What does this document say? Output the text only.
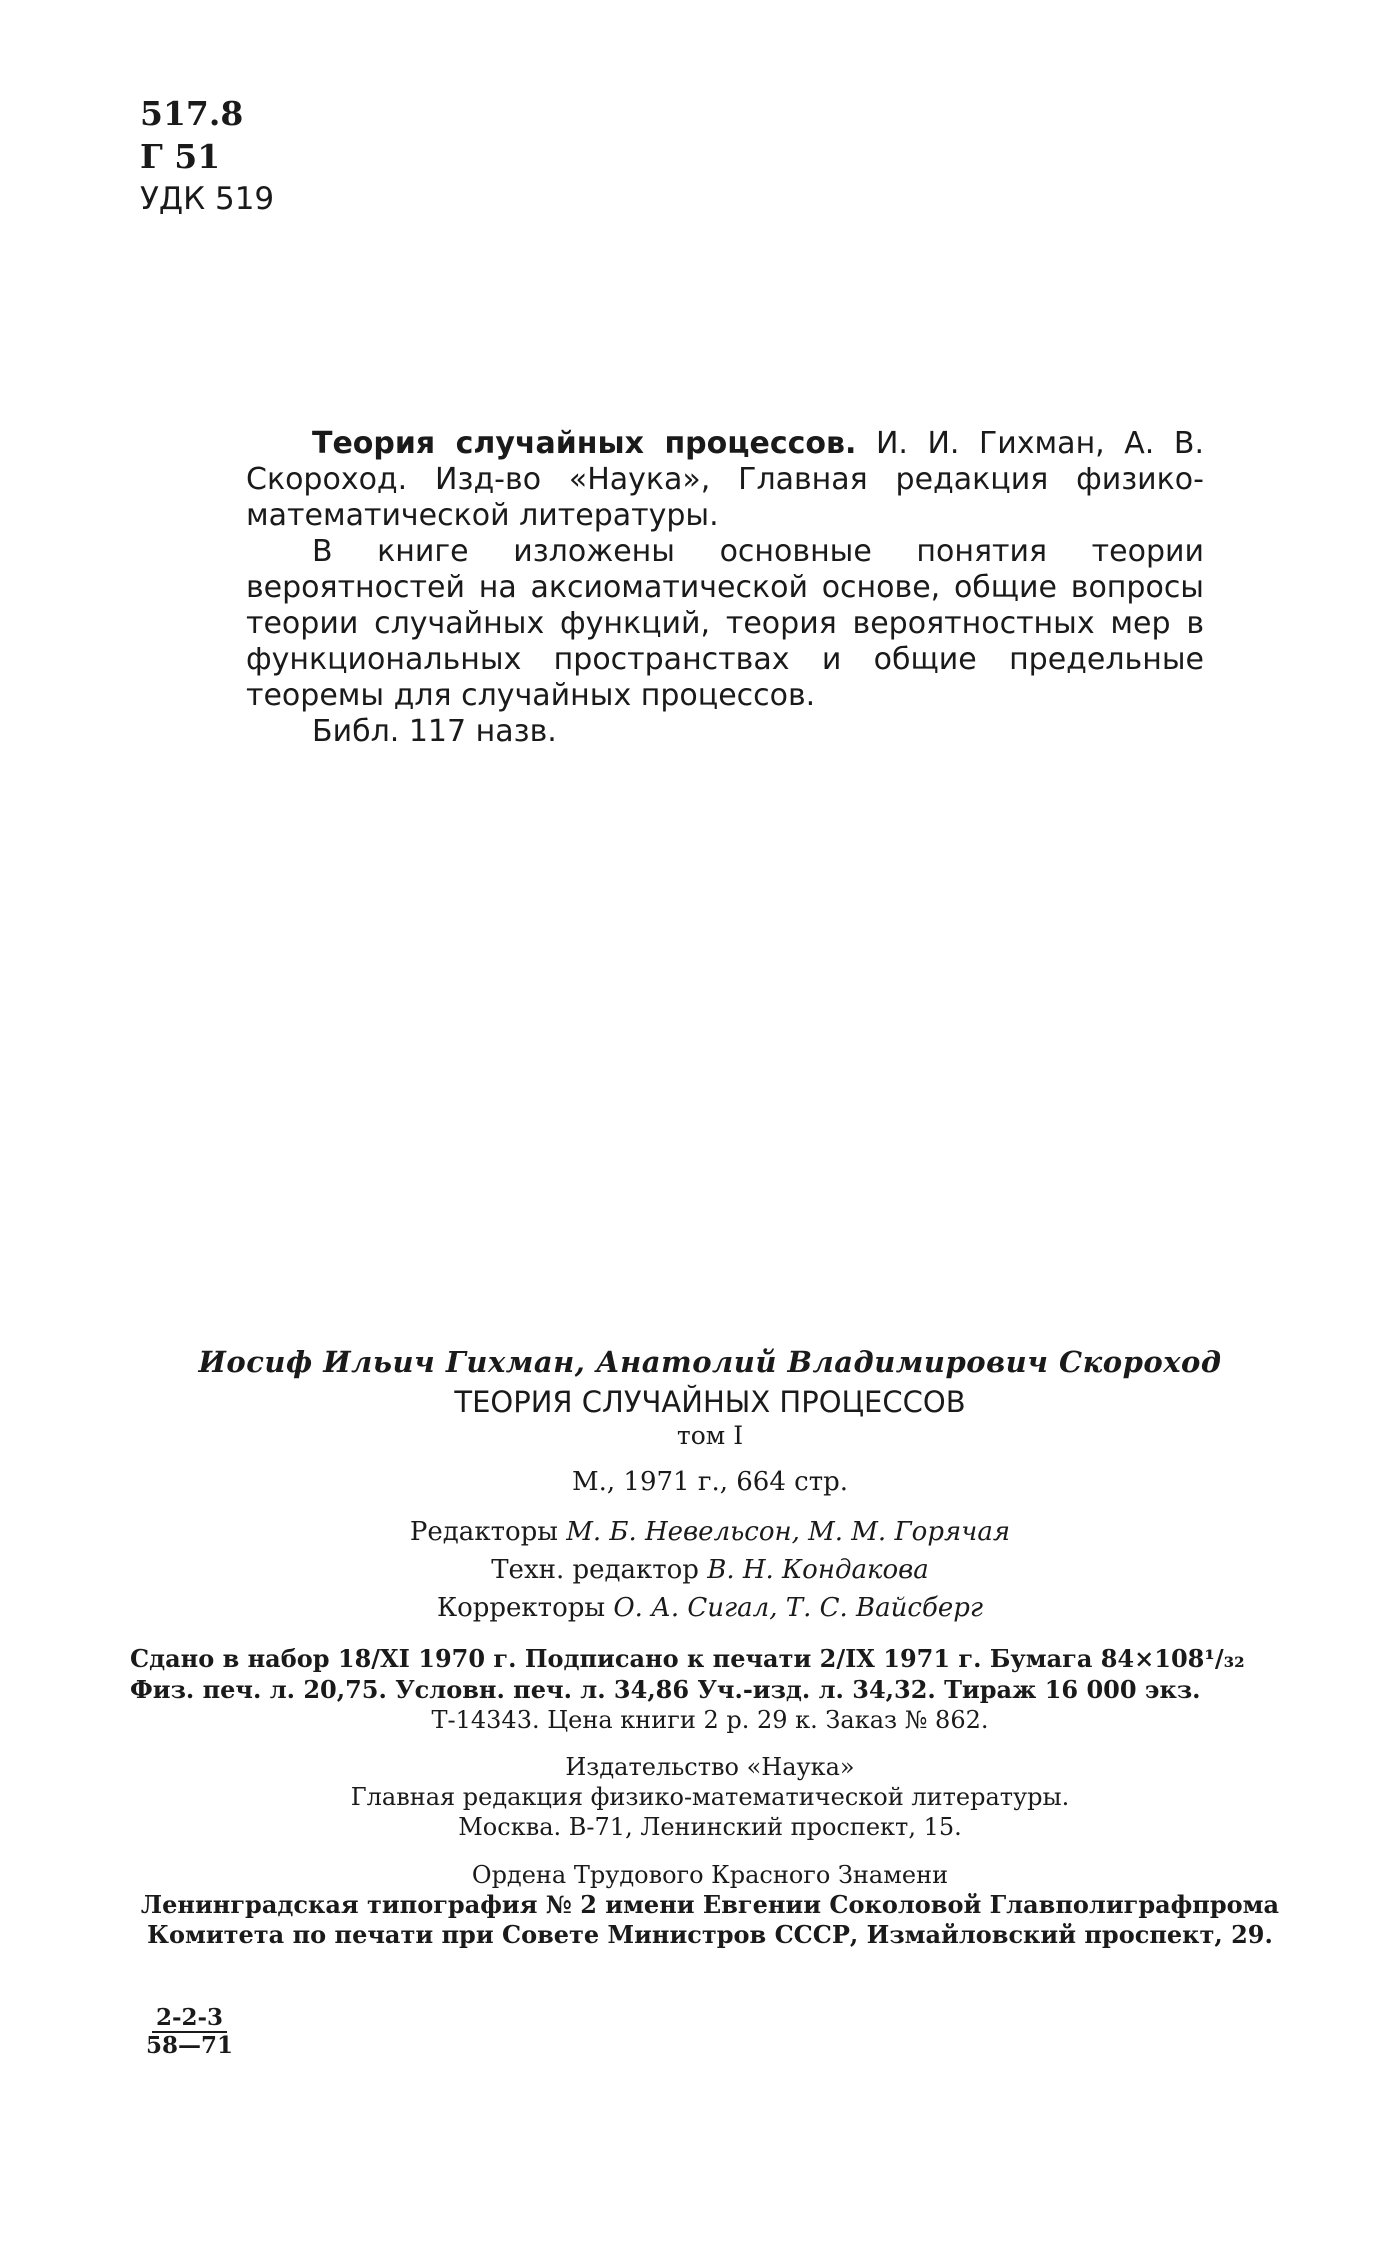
517.8
Г 51
УДК 519

Теория случайных процессов. И. И. Гихман, А. В. Скороход. Изд-во «Наука», Главная редакция физико-математической литературы.

В книге изложены основные понятия теории вероятностей на аксиоматической основе, общие вопросы теории случайных функций, теория вероятностных мер в функциональных пространствах и общие предельные теоремы для случайных процессов.

Библ. 117 назв.

Иосиф Ильич Гихман, Анатолий Владимирович Скороход
ТЕОРИЯ СЛУЧАЙНЫХ ПРОЦЕССОВ
том I
М., 1971 г., 664 стр.
Редакторы М. Б. Невельсон, М. М. Горячая
Техн. редактор В. Н. Кондакова
Корректоры О. А. Сигал, Т. С. Вайсберг
Сдано в набор 18/XI 1970 г. Подписано к печати 2/IX 1971 г. Бумага 84×108¹/₃₂
Физ. печ. л. 20,75. Условн. печ. л. 34,86 Уч.-изд. л. 34,32. Тираж 16 000 экз.
Т-14343. Цена книги 2 р. 29 к. Заказ № 862.
Издательство «Наука»
Главная редакция физико-математической литературы.
Москва. В-71, Ленинский проспект, 15.
Ордена Трудового Красного Знамени
Ленинградская типография № 2 имени Евгении Соколовой Главполиграфпрома
Комитета по печати при Совете Министров СССР, Измайловский проспект, 29.
2-2-3
58—71
